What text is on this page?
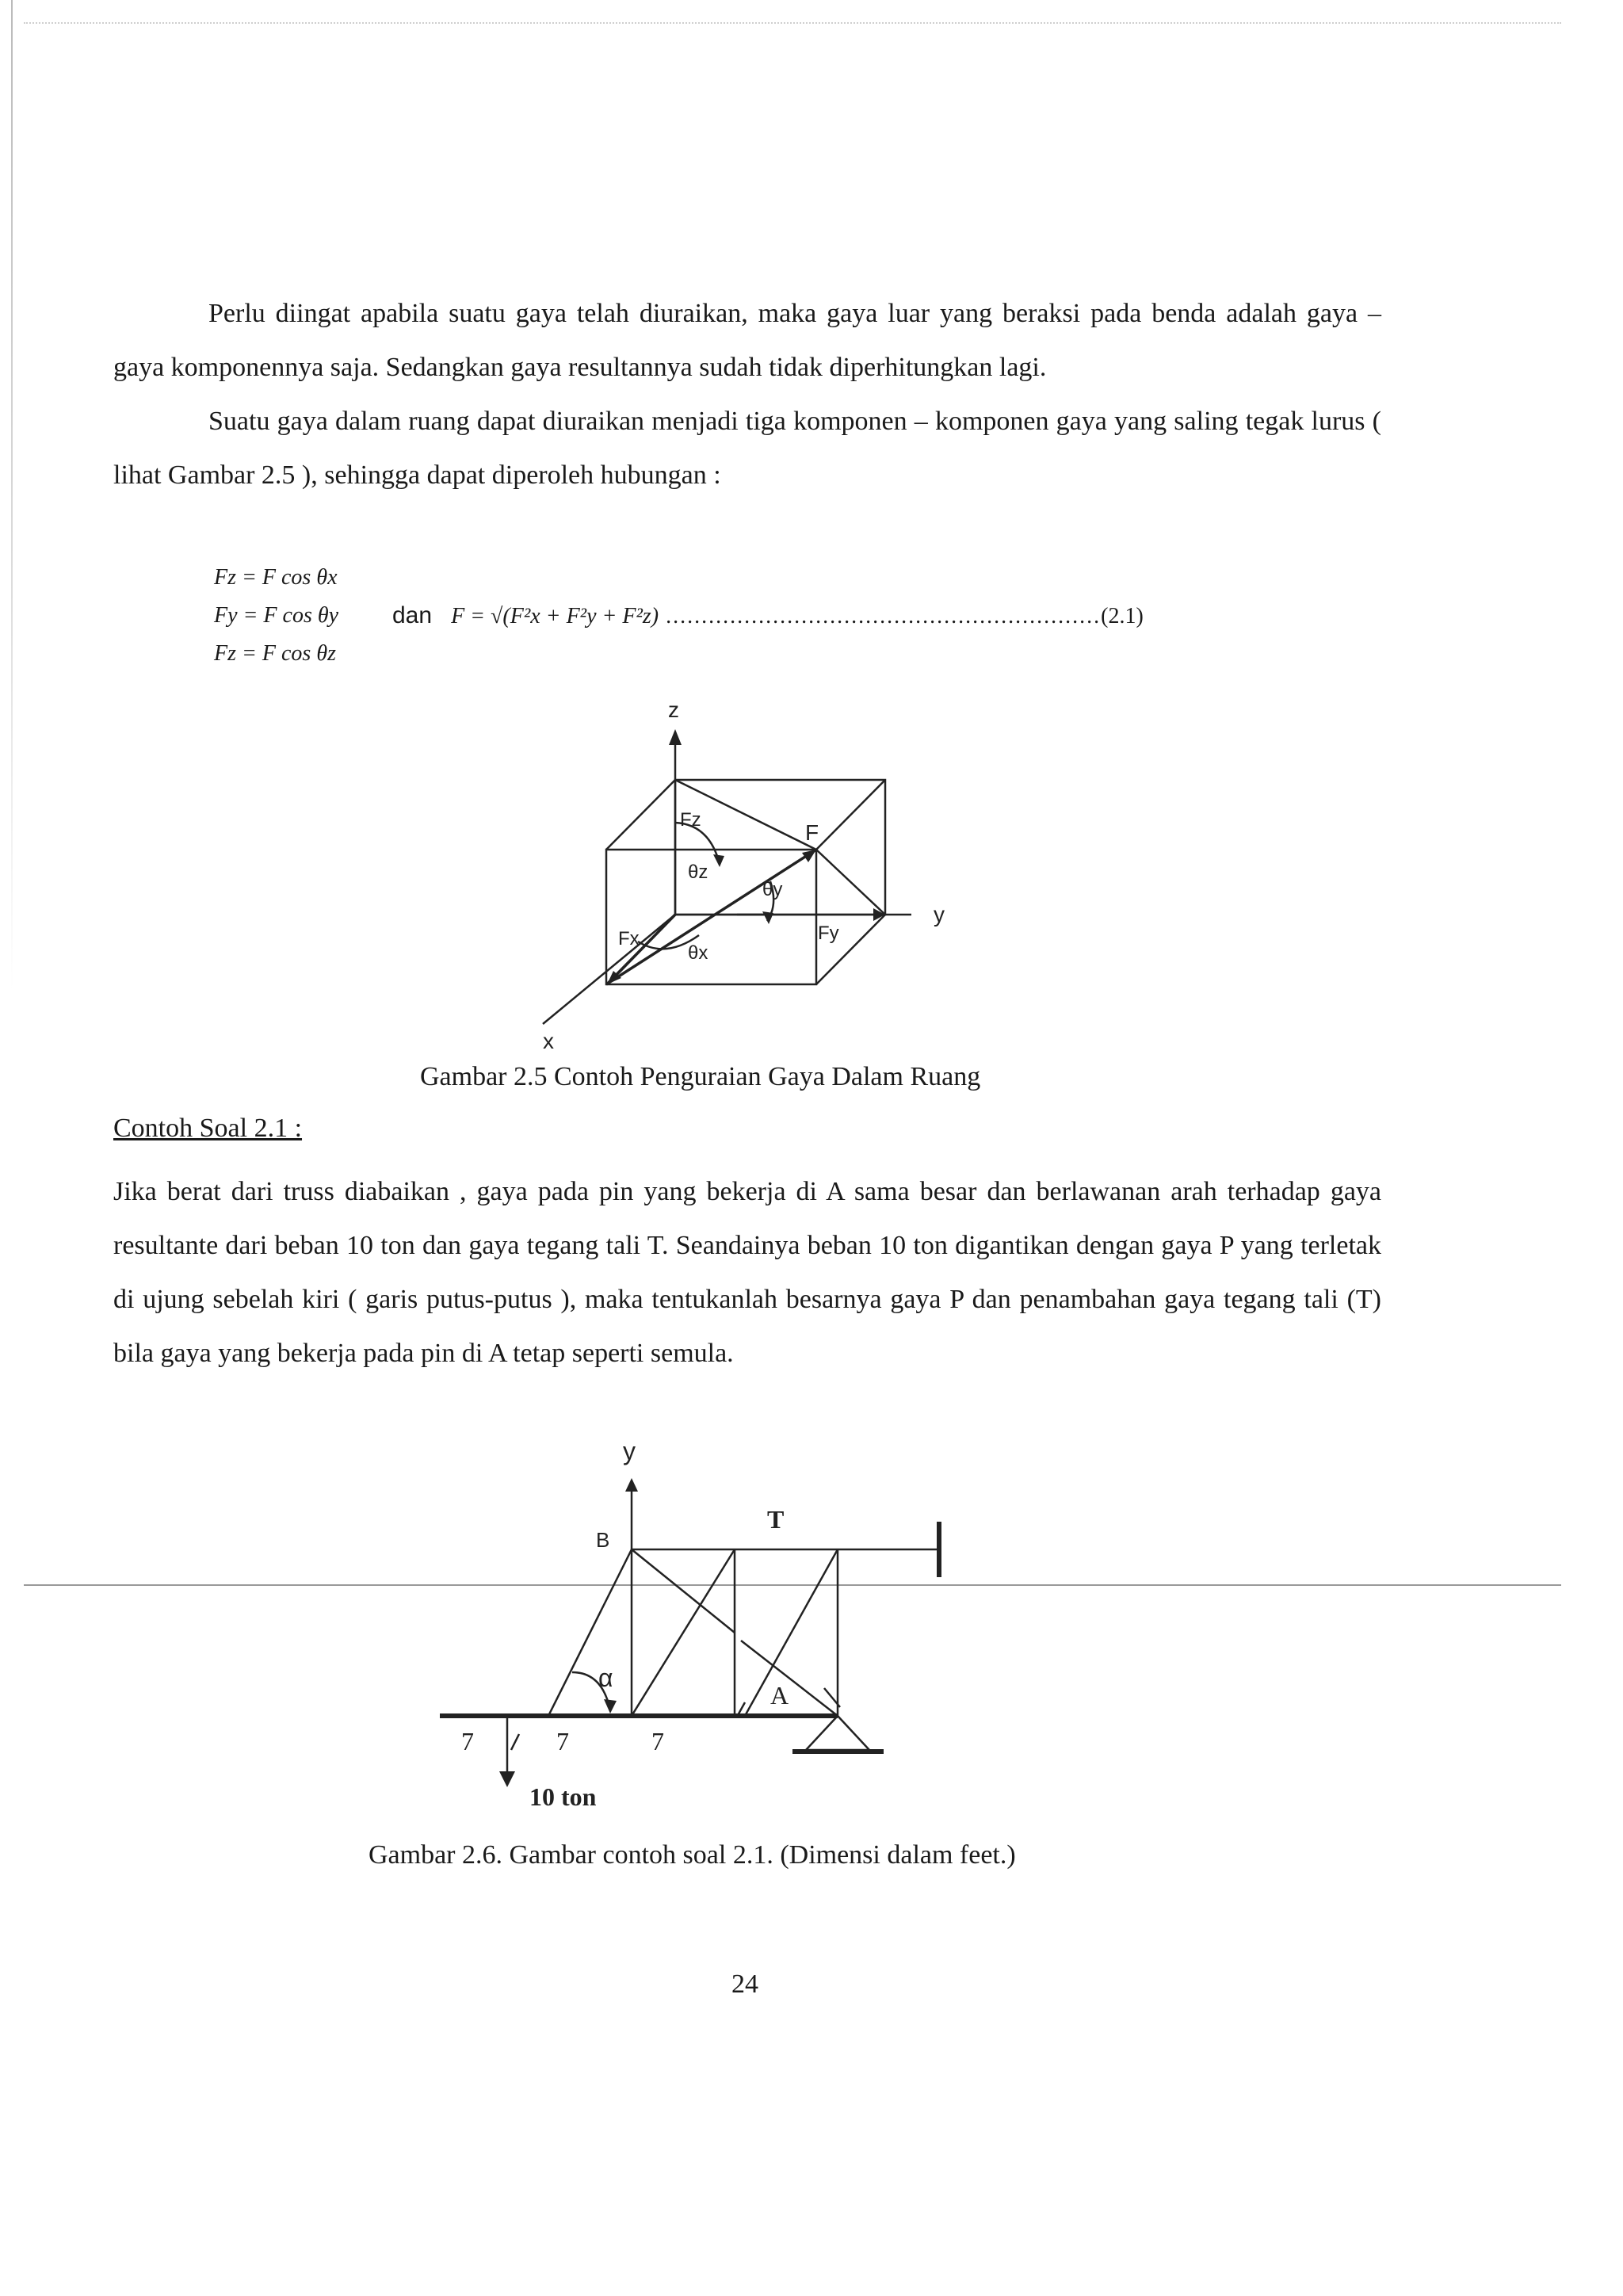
Perlu diingat apabila suatu gaya telah diuraikan, maka gaya luar yang beraksi pada benda adalah gaya – gaya komponennya saja. Sedangkan gaya resultannya sudah tidak diperhitungkan lagi.

Suatu gaya dalam ruang dapat diuraikan menjadi tiga komponen – komponen gaya yang saling tegak lurus ( lihat Gambar 2.5 ), sehingga dapat diperoleh hubungan :

Fz = F cos θx
Fy = F cos θy
Fz = F cos θz
dan F = √(F²x + F²y + F²z) .............................................................(2.1)
z
y
x
F
Fz
Fx	Fy
θz
θy
θx
Gambar 2.5 Contoh Penguraian Gaya Dalam Ruang
Contoh Soal 2.1 :

Jika berat dari truss diabaikan , gaya pada pin yang bekerja di A sama besar dan berlawanan arah terhadap gaya resultante dari beban 10 ton dan gaya tegang tali T. Seandainya beban 10 ton digantikan dengan gaya P yang terletak di ujung sebelah kiri ( garis putus-putus ), maka tentukanlah besarnya gaya P dan penambahan gaya tegang tali (T) bila gaya yang bekerja pada pin di A tetap seperti semula.

y
B
T
α
A
7	7	7
10 ton
Gambar 2.6. Gambar contoh soal 2.1. (Dimensi dalam feet.)
24
